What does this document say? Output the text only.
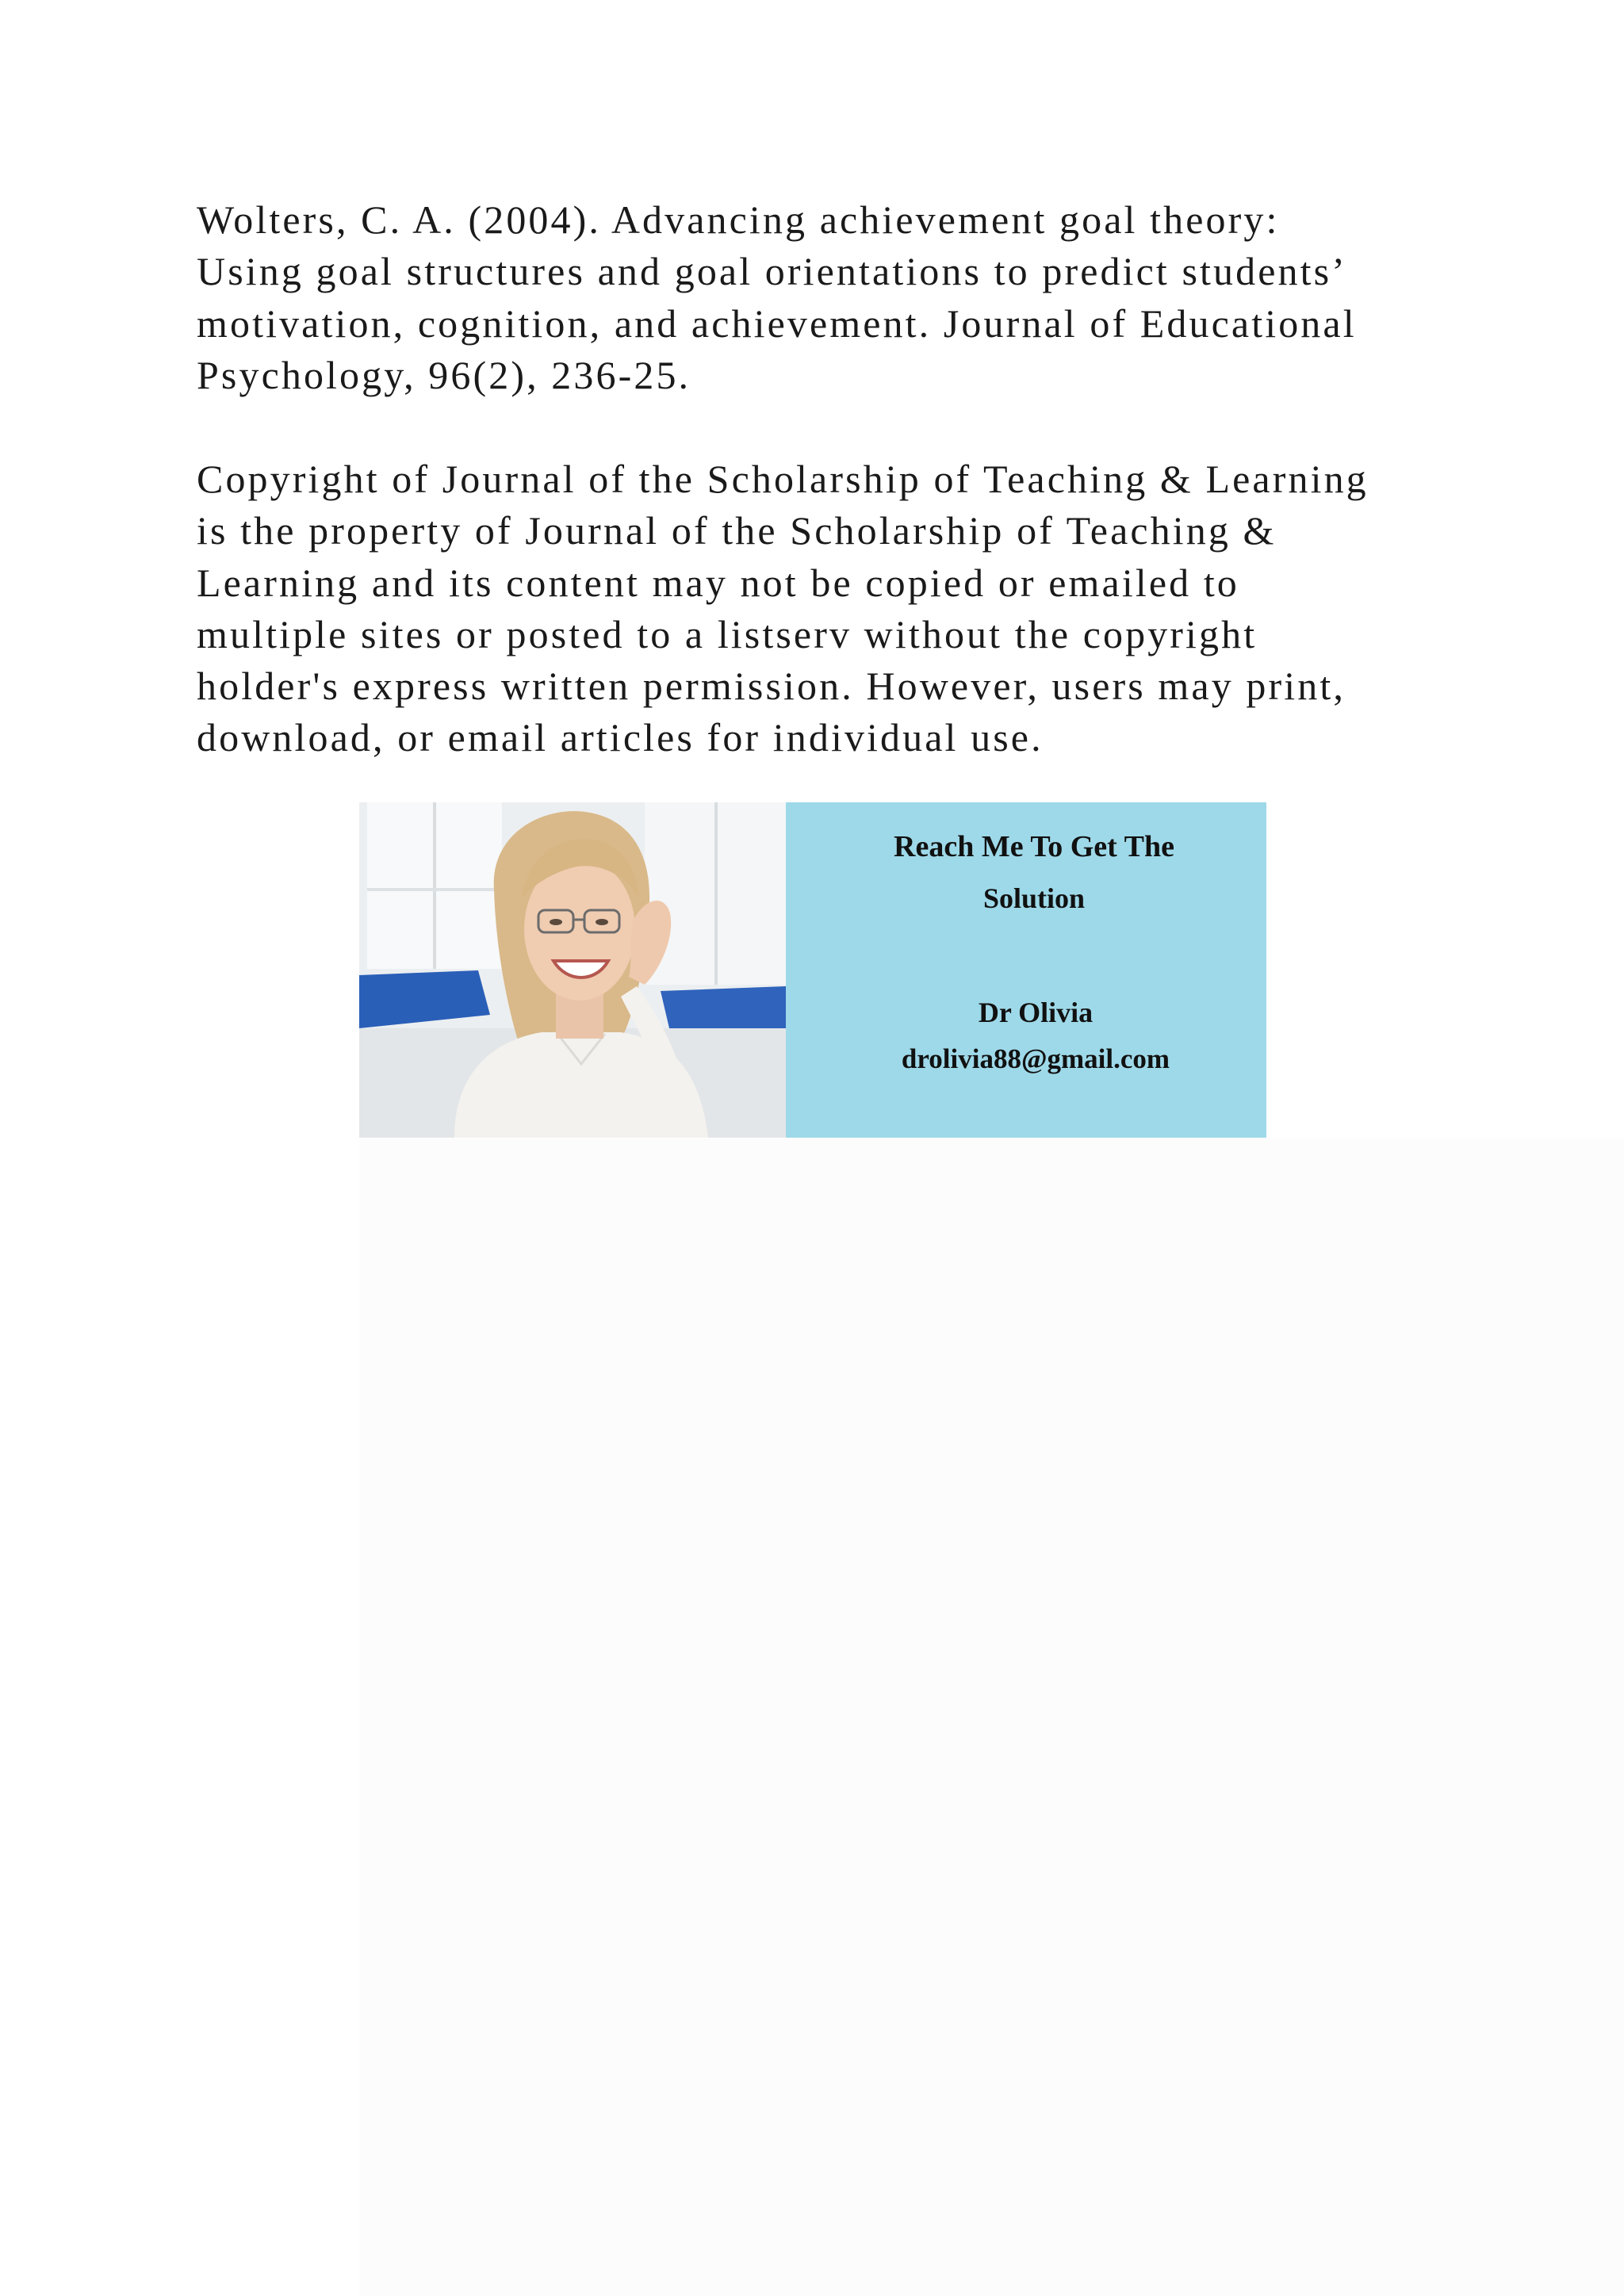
Wolters, C. A. (2004). Advancing achievement goal theory:
Using goal structures and goal orientations to predict students’
motivation, cognition, and achievement. Journal of Educational
Psychology, 96(2), 236-25.
Copyright of Journal of the Scholarship of Teaching & Learning
is the property of Journal of the Scholarship of Teaching &
Learning and its content may not be copied or emailed to
multiple sites or posted to a listserv without the copyright
holder's express written permission. However, users may print,
download, or email articles for individual use.

Reach Me To Get The

Solution

Dr Olivia

drolivia88@gmail.com
